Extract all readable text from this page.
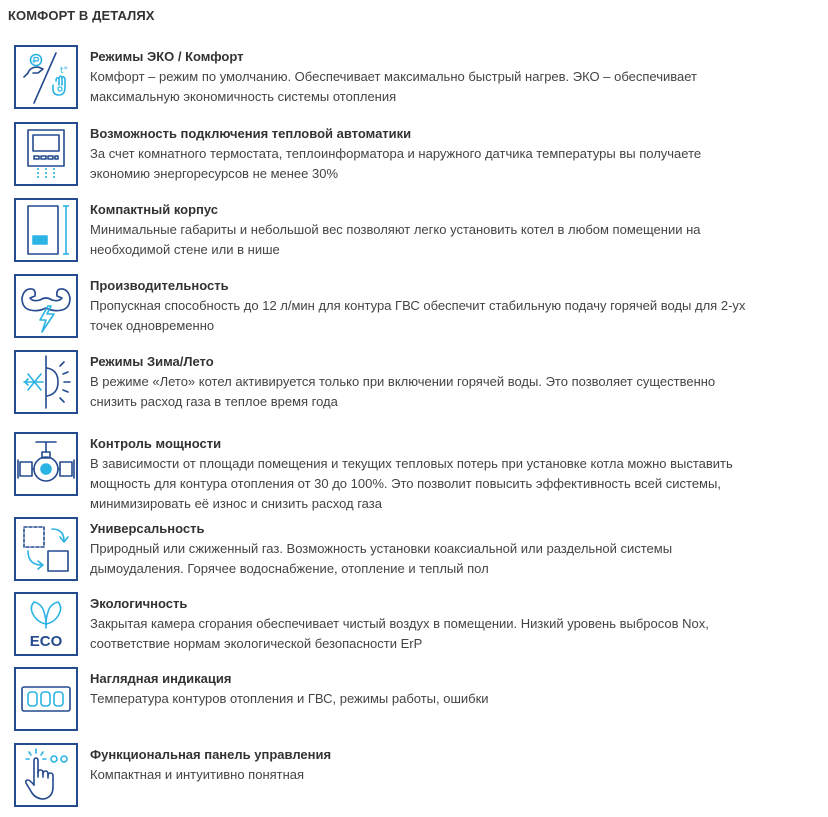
КОМФОРТ В ДЕТАЛЯХ
t°
Режимы ЭКО / Комфорт
Комфорт – режим по умолчанию. Обеспечивает максимально быстрый нагрев. ЭКО – обеспечивает
максимальную экономичность системы отопления
Возможность подключения тепловой автоматики
За счет комнатного термостата, теплоинформатора и наружного датчика температуры вы получаете
экономию энергоресурсов не менее 30%
Компактный корпус
Минимальные габариты и небольшой вес позволяют легко установить котел в любом помещении на
необходимой стене или в нише
Производительность
Пропускная способность до 12 л/мин для контура ГВС обеспечит стабильную подачу горячей воды для 2-ух
точек одновременно
Режимы Зима/Лето
В режиме «Лето» котел активируется только при включении горячей воды. Это позволяет существенно
снизить расход газа в теплое время года
Контроль мощности
В зависимости от площади помещения и текущих тепловых потерь при установке котла можно выставить
мощность для контура отопления от 30 до 100%. Это позволит повысить эффективность всей системы,
минимизировать её износ и снизить расход газа
Универсальность
Природный или сжиженный газ. Возможность установки коаксиальной или раздельной системы
дымоудаления. Горячее водоснабжение, отопление и теплый пол
ECO
Экологичность
Закрытая камера сгорания обеспечивает чистый воздух в помещении. Низкий уровень выбросов Nox,
соответствие нормам экологической безопасности ErP
Наглядная индикация
Температура контуров отопления и ГВС, режимы работы, ошибки
Функциональная панель управления
Компактная и интуитивно понятная
